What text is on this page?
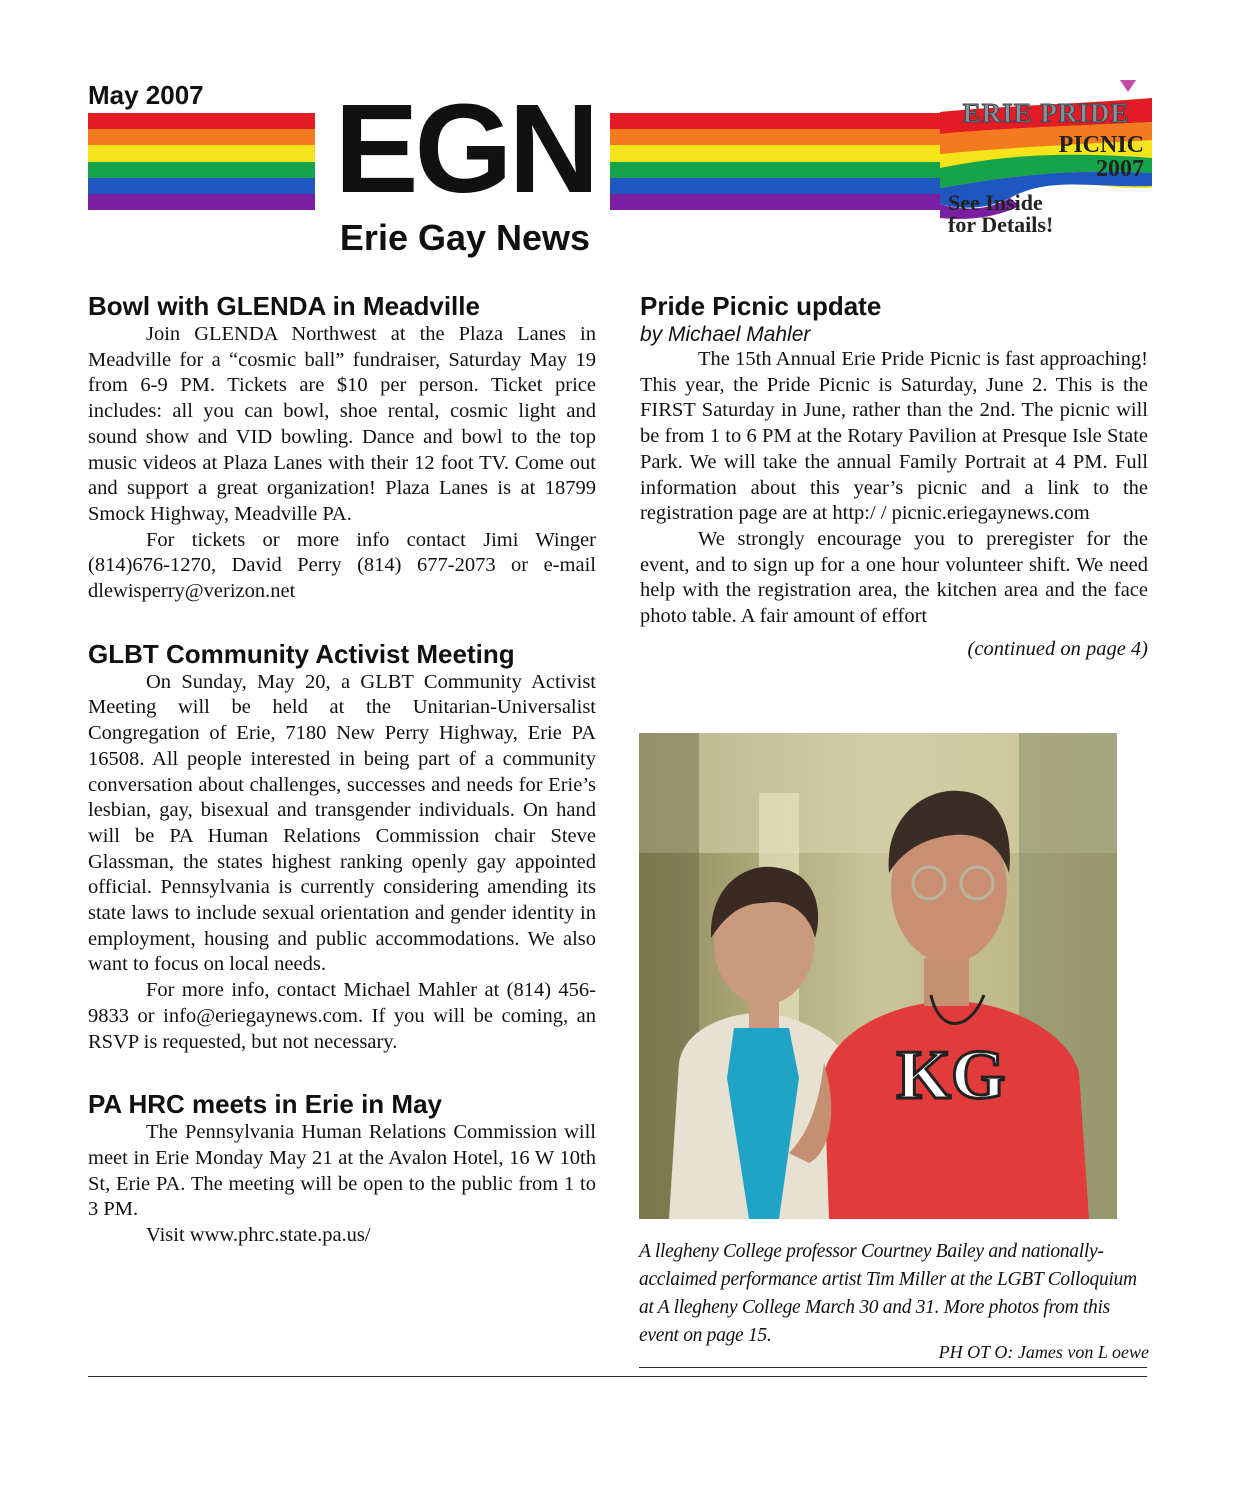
May 2007 EGN
Erie Gay News
ERIE PRIDE
PICNIC
2007
See Inside
for Details!
Bowl with GLENDA in Meadville

Join GLENDA Northwest at the Plaza Lanes in Meadville for a “cosmic ball” fundraiser, Saturday May 19 from 6-9 PM. Tickets are $10 per person. Ticket price includes: all you can bowl, shoe rental, cosmic light and sound show and VID bowling. Dance and bowl to the top music videos at Plaza Lanes with their 12 foot TV. Come out and support a great organization! Plaza Lanes is at 18799 Smock Highway, Meadville PA.

For tickets or more info contact Jimi Winger (814)676-1270, David Perry (814) 677-2073 or e-mail dlewisperry@verizon.net

GLBT Community Activist Meeting

On Sunday, May 20, a GLBT Community Activist Meeting will be held at the Unitarian-Universalist Congregation of Erie, 7180 New Perry Highway, Erie PA 16508. All people interested in being part of a community conversation about challenges, successes and needs for Erie’s lesbian, gay, bisexual and transgender individuals. On hand will be PA Human Relations Commission chair Steve Glassman, the states highest ranking openly gay appointed official. Pennsylvania is currently considering amending its state laws to include sexual orientation and gender identity in employment, housing and public accommodations. We also want to focus on local needs.

For more info, contact Michael Mahler at (814) 456-9833 or info@eriegaynews.com. If you will be coming, an RSVP is requested, but not necessary.

PA HRC meets in Erie in May

The Pennsylvania Human Relations Commission will meet in Erie Monday May 21 at the Avalon Hotel, 16 W 10th St, Erie PA. The meeting will be open to the public from 1 to 3 PM.

Visit www.phrc.state.pa.us/

Pride Picnic update
by Michael Mahler

The 15th Annual Erie Pride Picnic is fast approaching! This year, the Pride Picnic is Saturday, June 2. This is the FIRST Saturday in June, rather than the 2nd. The picnic will be from 1 to 6 PM at the Rotary Pavilion at Presque Isle State Park. We will take the annual Family Portrait at 4 PM. Full information about this year’s picnic and a link to the registration page are at http:/ / picnic.eriegaynews.com

We strongly encourage you to preregister for the event, and to sign up for a one hour volunteer shift. We need help with the registration area, the kitchen area and the face photo table. A fair amount of effort

(continued on page 4)
KG
A llegheny College professor Courtney Bailey and nationally-acclaimed performance artist Tim Miller at the LGBT Colloquium at A llegheny College March 30 and 31. More photos from this event on page 15.
PH OT O: James von L oewe
